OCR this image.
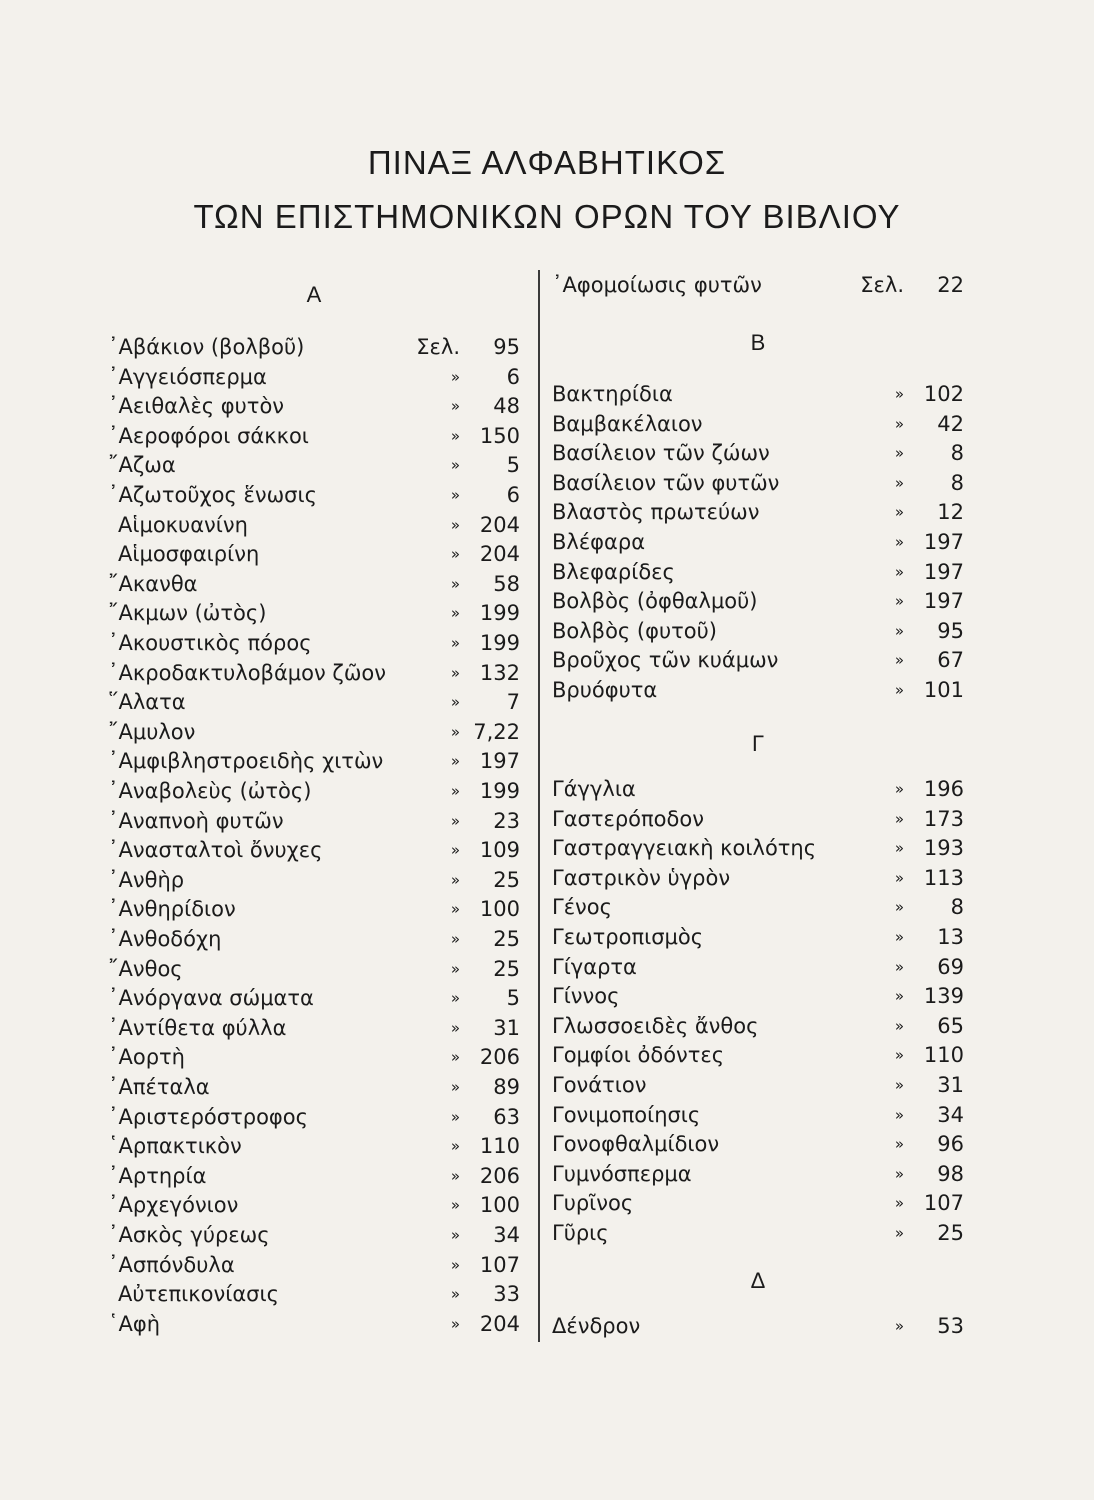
ΠΙΝΑΞ ΑΛΦΑΒΗΤΙΚΟΣ
ΤΩΝ ΕΠΙΣΤΗΜΟΝΙΚΩΝ ΟΡΩΝ ΤΟΥ ΒΙΒΛΙΟΥ
Α
᾿Αβάκιον (βολβοῦ)	Σελ. 95
᾿Αγγειόσπερμα	» 6
᾿Αειθαλὲς φυτὸν	» 48
᾿Αεροφόροι σάκκοι	» 150
῎Αζωα	» 5
᾿Αζωτοῦχος ἕνωσις	» 6
Αἱμοκυανίνη	» 204
Αἱμοσφαιρίνη	» 204
῎Ακανθα	» 58
῎Ακμων (ὠτὸς)	» 199
᾿Ακουστικὸς πόρος	» 199
᾿Ακροδακτυλοβάμον ζῶον	» 132
῞Αλατα	» 7
῎Αμυλον	» 7,22
᾿Αμφιβληστροειδὴς χιτὼν	» 197
᾿Αναβολεὺς (ὠτὸς)	» 199
᾿Αναπνοὴ φυτῶν	» 23
᾿Ανασταλτοὶ ὄνυχες	» 109
᾿Ανθὴρ	» 25
᾿Ανθηρίδιον	» 100
᾿Ανθοδόχη	» 25
῎Ανθος	» 25
᾿Ανόργανα σώματα	» 5
᾿Αντίθετα φύλλα	» 31
᾿Αορτὴ	» 206
᾿Απέταλα	» 89
᾿Αριστερόστροφος	» 63
῾Αρπακτικὸν	» 110
᾿Αρτηρία	» 206
᾿Αρχεγόνιον	» 100
᾿Ασκὸς γύρεως	» 34
᾿Ασπόνδυλα	» 107
Αὐτεπικονίασις	» 33
῾Αφὴ	» 204
᾿Αφομοίωσις φυτῶν	Σελ. 22
Β
Βακτηρίδια	» 102
Βαμβακέλαιον	» 42
Βασίλειον τῶν ζώων	» 8
Βασίλειον τῶν φυτῶν	» 8
Βλαστὸς πρωτεύων	» 12
Βλέφαρα	» 197
Βλεφαρίδες	» 197
Βολβὸς (ὀφθαλμοῦ)	» 197
Βολβὸς (φυτοῦ)	» 95
Βροῦχος τῶν κυάμων	» 67
Βρυόφυτα	» 101
Γ
Γάγγλια	» 196
Γαστερόποδον	» 173
Γαστραγγειακὴ κοιλότης	» 193
Γαστρικὸν ὑγρὸν	» 113
Γένος	» 8
Γεωτροπισμὸς	» 13
Γίγαρτα	» 69
Γίννος	» 139
Γλωσσοειδὲς ἄνθος	» 65
Γομφίοι ὀδόντες	» 110
Γονάτιον	» 31
Γονιμοποίησις	» 34
Γονοφθαλμίδιον	» 96
Γυμνόσπερμα	» 98
Γυρῖνος	» 107
Γῦρις	» 25
Δ
Δένδρον	» 53
